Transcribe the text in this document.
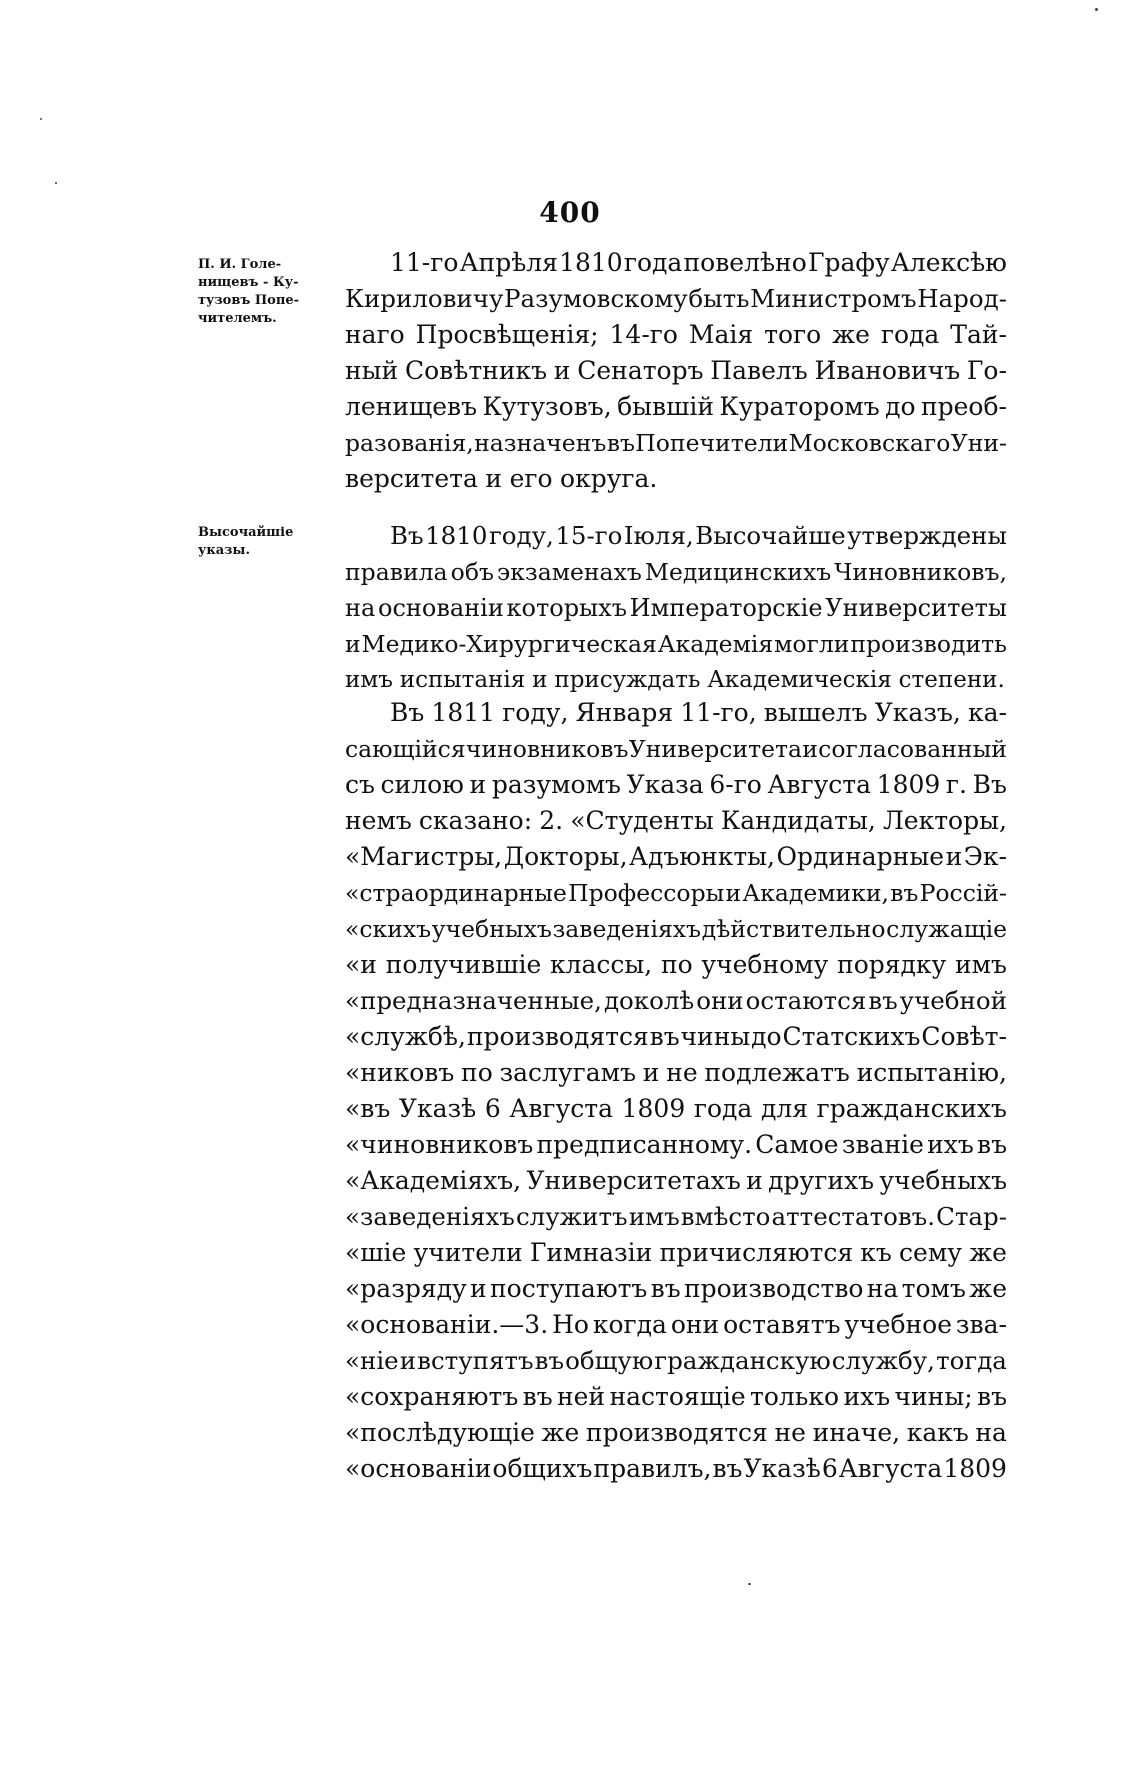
400
П. И. Голе-
нищевъ - Ку-
тузовъ Попе-
чителемъ.
Высочайшіе
указы.
11-го Апрѣля 1810 года повелѣно Графу Алексѣю
Кириловичу Разумовскому быть Министромъ Народ-
наго Просвѣщенія; 14-го Маія того же года Тай-
ный Совѣтникъ и Сенаторъ Павелъ Ивановичъ Го-
ленищевъ Кутузовъ, бывшій Кураторомъ до преоб-
разованія, назначенъ въ Попечители Московскаго Уни-
верситета и его округа.
Въ 1810 году, 15-го Іюля, Высочайше утверждены
правила объ экзаменахъ Медицинскихъ Чиновниковъ,
на основаніи которыхъ Императорскіе Университеты
и Медико-Хирургическая Академія могли производить
имъ испытанія и присуждать Академическія степени.
Въ 1811 году, Января 11-го, вышелъ Указъ, ка-
сающійся чиновниковъ Университета и согласованный
съ силою и разумомъ Указа 6-го Августа 1809 г. Въ
немъ сказано: 2. «Студенты Кандидаты, Лекторы,
«Магистры, Докторы, Адъюнкты, Ординарные и Эк-
«страординарные Профессоры и Академики, въ Россій-
«скихъ учебныхъ заведеніяхъ дѣйствительно служащіе
«и получившіе классы, по учебному порядку имъ
«предназначенные, доколѣ они остаются въ учебной
«службѣ, производятся въ чины до Статскихъ Совѣт-
«никовъ по заслугамъ и не подлежатъ испытанію,
«въ Указѣ 6 Августа 1809 года для гражданскихъ
«чиновниковъ предписанному. Самое званіе ихъ въ
«Академіяхъ, Университетахъ и другихъ учебныхъ
«заведеніяхъ служитъ имъ вмѣсто аттестатовъ. Стар-
«шіе учители Гимназіи причисляются къ сему же
«разряду и поступаютъ въ производство на томъ же
«основаніи.—3. Но когда они оставятъ учебное зва-
«ніе и вступятъ въ общую гражданскую службу, тогда
«сохраняютъ въ ней настоящіе только ихъ чины; въ
«послѣдующіе же производятся не иначе, какъ на
«основаніи общихъ правилъ, въ Указѣ 6 Августа 1809
